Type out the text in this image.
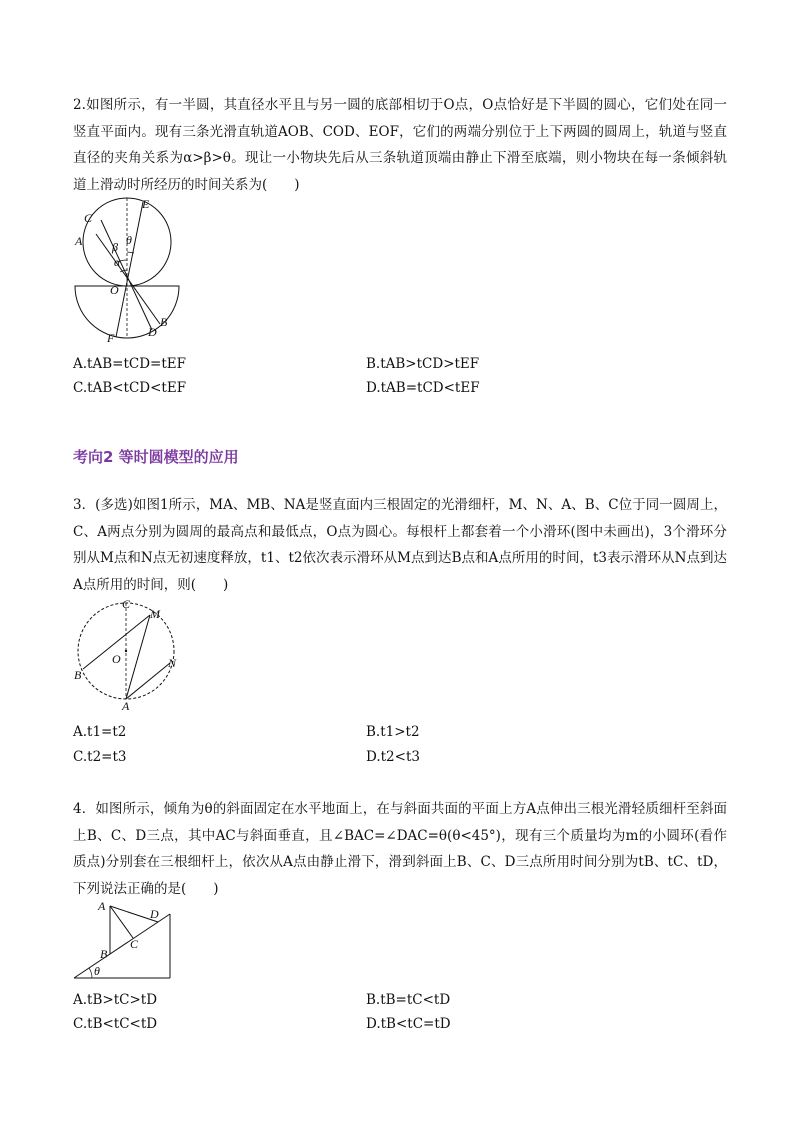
2.如图所示，有一半圆，其直径水平且与另一圆的底部相切于O点，O点恰好是下半圆的圆心，它们处在同一竖直平面内。现有三条光滑直轨道AOB、COD、EOF，它们的两端分别位于上下两圆的圆周上，轨道与竖直直径的夹角关系为α>β>θ。现让一小物块先后从三条轨道顶端由静止下滑至底端，则小物块在每一条倾斜轨道上滑动时所经历的时间关系为(　　)
C
E
A β θ
α
O
B
D
F
A.tAB=tCD=tEF	B.tAB>tCD>tEF
C.tAB<tCD<tEF	D.tAB=tCD<tEF
考向2 等时圆模型的应用
3．(多选)如图1所示，MA、MB、NA是竖直面内三根固定的光滑细杆，M、N、A、B、C位于同一圆周上，C、A两点分别为圆周的最高点和最低点，O点为圆心。每根杆上都套着一个小滑环(图中未画出)，3个滑环分别从M点和N点无初速度释放，t1、t2依次表示滑环从M点到达B点和A点所用的时间，t3表示滑环从N点到达A点所用的时间，则(　　)
C
M
O	N
B
A
A.t1=t2	B.t1>t2
C.t2=t3	D.t2<t3
4．如图所示，倾角为θ的斜面固定在水平地面上，在与斜面共面的平面上方A点伸出三根光滑轻质细杆至斜面上B、C、D三点，其中AC与斜面垂直，且∠BAC=∠DAC=θ(θ<45°)，现有三个质量均为m的小圆环(看作质点)分别套在三根细杆上，依次从A点由静止滑下，滑到斜面上B、C、D三点所用时间分别为tB、tC、tD，下列说法正确的是(　　)
A
D
C
B
θ
A.tB>tC>tD	B.tB=tC<tD
C.tB<tC<tD	D.tB<tC=tD
